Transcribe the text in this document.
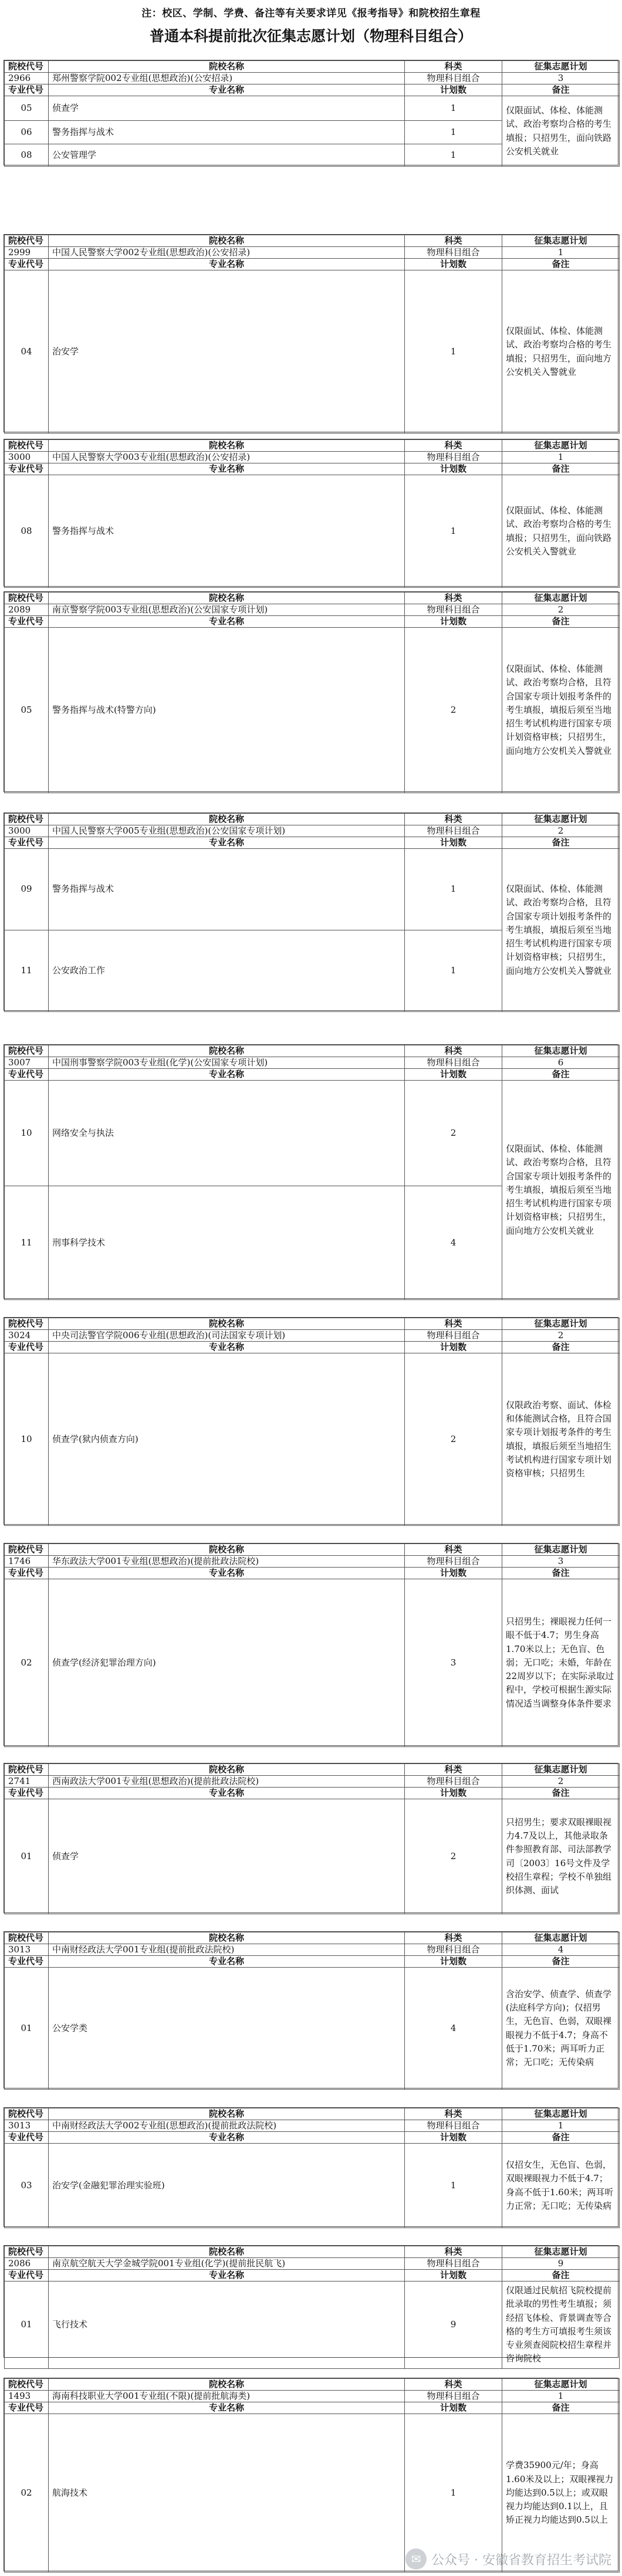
注：校区、学制、学费、备注等有关要求详见《报考指导》和院校招生章程
普通本科提前批次征集志愿计划（物理科目组合）
院校代号	院校名称	科类	征集志愿计划
2966	郑州警察学院002专业组(思想政治)(公安招录)	物理科目组合	3
专业代号	专业名称	计划数	备注
05	侦查学	1	仅限面试、体检、体能测试、政治考察均合格的考生填报；只招男生，面向铁路公安机关就业
06	警务指挥与战术	1	
08	公安管理学	1	
院校代号	院校名称	科类	征集志愿计划
2999	中国人民警察大学002专业组(思想政治)(公安招录)	物理科目组合	1
专业代号	专业名称	计划数	备注
04	治安学	1	仅限面试、体检、体能测试、政治考察均合格的考生填报；只招男生，面向地方公安机关入警就业
院校代号	院校名称	科类	征集志愿计划
3000	中国人民警察大学003专业组(思想政治)(公安招录)	物理科目组合	1
专业代号	专业名称	计划数	备注
08	警务指挥与战术	1	仅限面试、体检、体能测试、政治考察均合格的考生填报；只招男生，面向铁路公安机关入警就业
院校代号	院校名称	科类	征集志愿计划
2089	南京警察学院003专业组(思想政治)(公安国家专项计划)	物理科目组合	2
专业代号	专业名称	计划数	备注
05	警务指挥与战术(特警方向)	2	仅限面试、体检、体能测试、政治考察均合格，且符合国家专项计划报考条件的考生填报，填报后须至当地招生考试机构进行国家专项计划资格审核；只招男生，面向地方公安机关入警就业
院校代号	院校名称	科类	征集志愿计划
3000	中国人民警察大学005专业组(思想政治)(公安国家专项计划)	物理科目组合	2
专业代号	专业名称	计划数	备注
09	警务指挥与战术	1	仅限面试、体检、体能测试、政治考察均合格，且符合国家专项计划报考条件的考生填报，填报后须至当地招生考试机构进行国家专项计划资格审核；只招男生，面向地方公安机关入警就业
11	公安政治工作	1	
院校代号	院校名称	科类	征集志愿计划
3007	中国刑事警察学院003专业组(化学)(公安国家专项计划)	物理科目组合	6
专业代号	专业名称	计划数	备注
10	网络安全与执法	2	仅限面试、体检、体能测试、政治考察均合格，且符合国家专项计划报考条件的考生填报，填报后须至当地招生考试机构进行国家专项计划资格审核；只招男生，面向地方公安机关就业
11	刑事科学技术	4	
院校代号	院校名称	科类	征集志愿计划
3024	中央司法警官学院006专业组(思想政治)(司法国家专项计划)	物理科目组合	2
专业代号	专业名称	计划数	备注
10	侦查学(狱内侦查方向)	2	仅限政治考察、面试、体检和体能测试合格，且符合国家专项计划报考条件的考生填报，填报后须至当地招生考试机构进行国家专项计划资格审核；只招男生
院校代号	院校名称	科类	征集志愿计划
1746	华东政法大学001专业组(思想政治)(提前批政法院校)	物理科目组合	3
专业代号	专业名称	计划数	备注
02	侦查学(经济犯罪治理方向)	3	只招男生；裸眼视力任何一眼不低于4.7；男生身高1.70米以上；无色盲、色弱；无口吃；未婚，年龄在22周岁以下；在实际录取过程中，学校可根据生源实际情况适当调整身体条件要求
院校代号	院校名称	科类	征集志愿计划
2741	西南政法大学001专业组(思想政治)(提前批政法院校)	物理科目组合	2
专业代号	专业名称	计划数	备注
01	侦查学	2	只招男生；要求双眼裸眼视力4.7及以上，其他录取条件参照教育部、司法部教学司〔2003〕16号文件及学校招生章程；学校不单独组织体测、面试
院校代号	院校名称	科类	征集志愿计划
3013	中南财经政法大学001专业组(提前批政法院校)	物理科目组合	4
专业代号	专业名称	计划数	备注
01	公安学类	4	含治安学、侦查学、侦查学(法庭科学方向)；仅招男生，无色盲、色弱，双眼裸眼视力不低于4.7；身高不低于1.70米；两耳听力正常；无口吃；无传染病
院校代号	院校名称	科类	征集志愿计划
3013	中南财经政法大学002专业组(思想政治)(提前批政法院校)	物理科目组合	1
专业代号	专业名称	计划数	备注
03	治安学(金融犯罪治理实验班)	1	仅招女生，无色盲、色弱，双眼裸眼视力不低于4.7；身高不低于1.60米；两耳听力正常；无口吃；无传染病
院校代号	院校名称	科类	征集志愿计划
2086	南京航空航天大学金城学院001专业组(化学)(提前批民航飞)	物理科目组合	9
专业代号	专业名称	计划数	备注
01	飞行技术	9	仅限通过民航招飞院校提前批录取的男性考生填报；须经招飞体检、背景调查等合格的考生方可填报考生须该专业须查阅院校招生章程并咨询院校
院校代号	院校名称	科类	征集志愿计划
1493	海南科技职业大学001专业组(不限)(提前批航海类)	物理科目组合	1
专业代号	专业名称	计划数	备注
02	航海技术	1	学费35900元/年；身高1.60米及以上；双眼裸视力均能达到0.5以上；或双眼视力均能达到0.1以上，且矫正视力均能达到0.5以上
✉ 公众号 · 安徽省教育招生考试院
